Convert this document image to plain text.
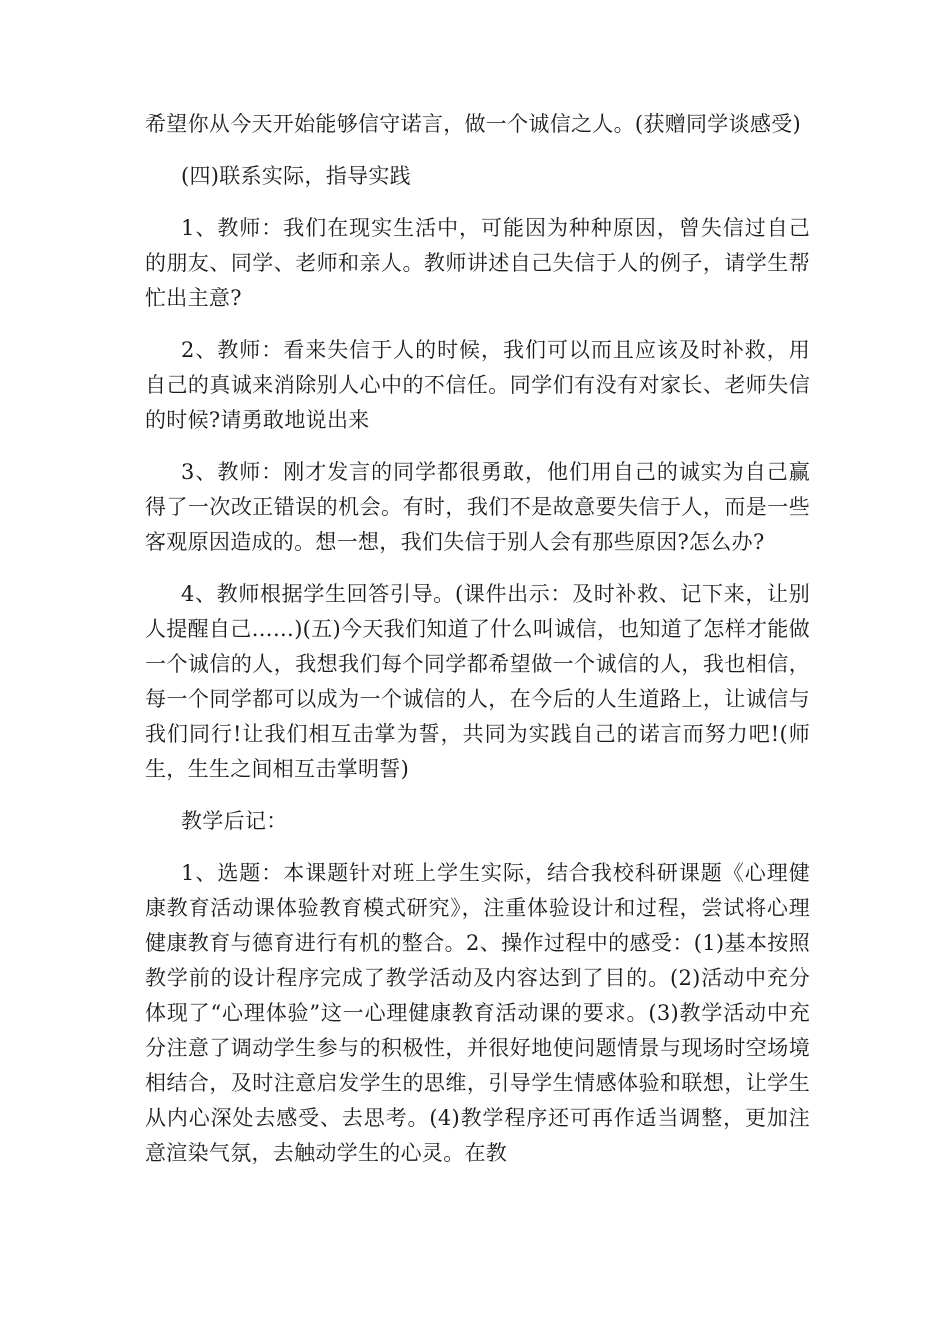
希望你从今天开始能够信守诺言，做一个诚信之人。(获赠同学谈感受)

(四)联系实际，指导实践

1、教师：我们在现实生活中，可能因为种种原因，曾失信过自己的朋友、同学、老师和亲人。教师讲述自己失信于人的例子，请学生帮忙出主意?

2、教师：看来失信于人的时候，我们可以而且应该及时补救，用自己的真诚来消除别人心中的不信任。同学们有没有对家长、老师失信的时候?请勇敢地说出来

3、教师：刚才发言的同学都很勇敢，他们用自己的诚实为自己赢得了一次改正错误的机会。有时，我们不是故意要失信于人，而是一些客观原因造成的。想一想，我们失信于别人会有那些原因?怎么办?

4、教师根据学生回答引导。(课件出示：及时补救、记下来，让别人提醒自己……)(五)今天我们知道了什么叫诚信，也知道了怎样才能做一个诚信的人，我想我们每个同学都希望做一个诚信的人，我也相信，每一个同学都可以成为一个诚信的人，在今后的人生道路上，让诚信与我们同行!让我们相互击掌为誓，共同为实践自己的诺言而努力吧!(师生，生生之间相互击掌明誓)

教学后记：

1、选题：本课题针对班上学生实际，结合我校科研课题《心理健康教育活动课体验教育模式研究》，注重体验设计和过程，尝试将心理健康教育与德育进行有机的整合。2、操作过程中的感受：(1)基本按照教学前的设计程序完成了教学活动及内容达到了目的。(2)活动中充分体现了“心理体验”这一心理健康教育活动课的要求。(3)教学活动中充分注意了调动学生参与的积极性，并很好地使问题情景与现场时空场境相结合，及时注意启发学生的思维，引导学生情感体验和联想，让学生从内心深处去感受、去思考。(4)教学程序还可再作适当调整，更加注意渲染气氛，去触动学生的心灵。在教
